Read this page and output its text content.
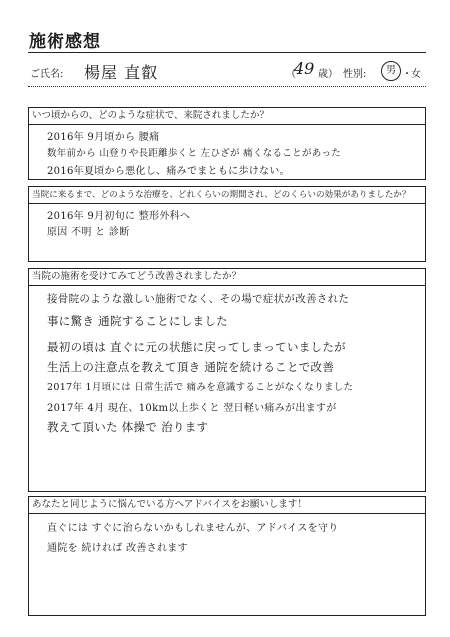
施術感想
ご氏名: 楊屋 直叡	（
49 歳） 性別:	男 ・ 女
いつ頃からの、どのような症状で、来院されましたか？
2016年 9月頃から 腰痛
数年前から 山登りや長距離歩くと 左ひざが 痛くなることがあった
2016年夏頃から悪化し、痛みでまともに歩けない。
当院に来るまで、どのような治療を、どれくらいの期間され、どのくらいの効果がありましたか？
2016年 9月初旬に 整形外科へ
原因 不明 と 診断
当院の施術を受けてみてどう改善されましたか？
接骨院のような激しい施術でなく、その場で症状が改善された
事に驚き 通院することにしました
最初の頃は 直ぐに元の状態に戻ってしまっていましたが
生活上の注意点を教えて頂き 通院を続けることで改善
2017年 1月頃には 日常生活で 痛みを意識することがなくなりました
2017年 4月 現在、10km以上歩くと 翌日軽い痛みが出ますが
教えて頂いた 体操で 治ります
あなたと同じように悩んでいる方へアドバイスをお願いします！
直ぐには すぐに治らないかもしれませんが、アドバイスを守り
通院を 続ければ 改善されます
